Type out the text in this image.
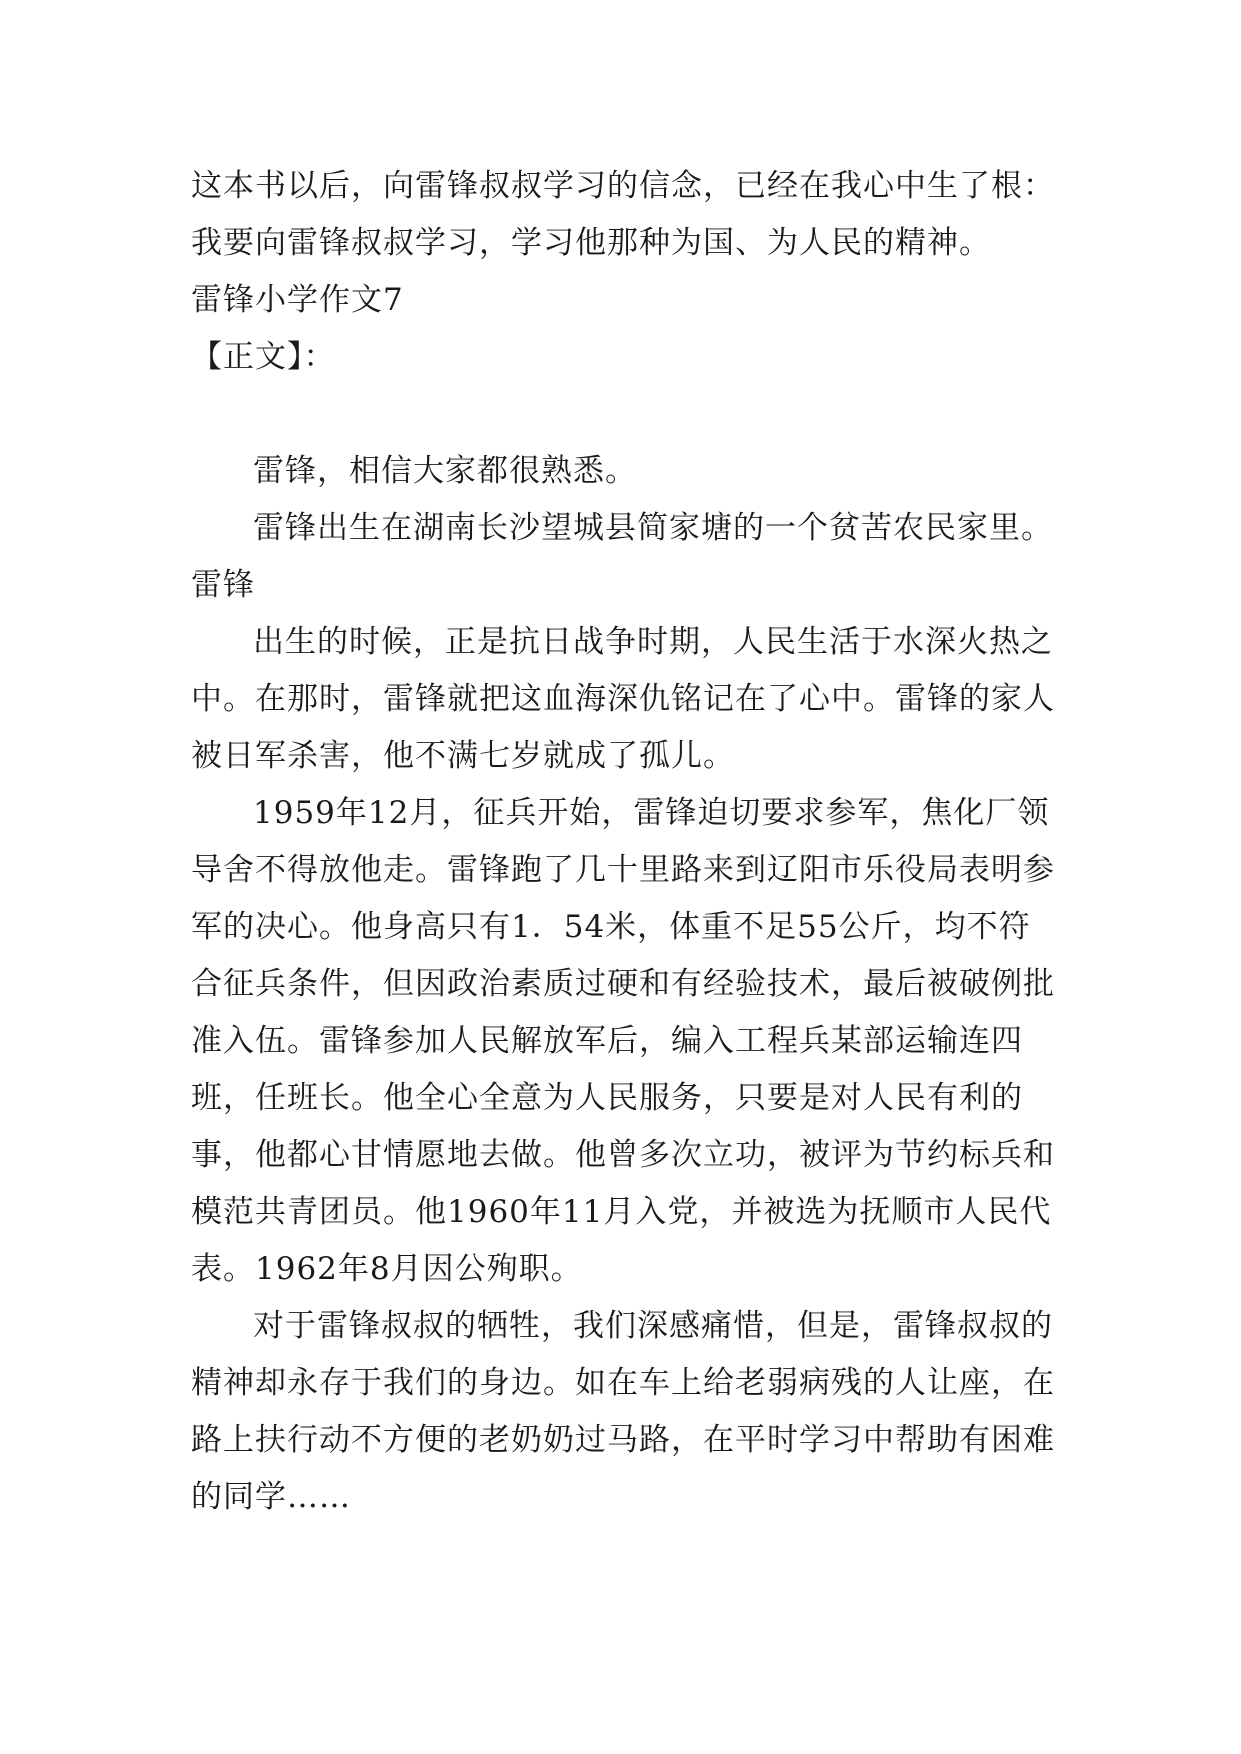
这本书以后，向雷锋叔叔学习的信念，已经在我心中生了根：我要向雷锋叔叔学习，学习他那种为国、为人民的精神。

雷锋小学作文7

【正文】：

雷锋，相信大家都很熟悉。

雷锋出生在湖南长沙望城县简家塘的一个贫苦农民家里。雷锋

出生的时候，正是抗日战争时期，人民生活于水深火热之中。在那时，雷锋就把这血海深仇铭记在了心中。雷锋的家人被日军杀害，他不满七岁就成了孤儿。

1959年12月，征兵开始，雷锋迫切要求参军，焦化厂领导舍不得放他走。雷锋跑了几十里路来到辽阳市乐役局表明参军的决心。他身高只有1．54米，体重不足55公斤，均不符合征兵条件，但因政治素质过硬和有经验技术，最后被破例批准入伍。雷锋参加人民解放军后，编入工程兵某部运输连四班，任班长。他全心全意为人民服务，只要是对人民有利的事，他都心甘情愿地去做。他曾多次立功，被评为节约标兵和模范共青团员。他1960年11月入党，并被选为抚顺市人民代表。1962年8月因公殉职。

对于雷锋叔叔的牺牲，我们深感痛惜，但是，雷锋叔叔的精神却永存于我们的身边。如在车上给老弱病残的人让座，在路上扶行动不方便的老奶奶过马路，在平时学习中帮助有困难的同学……
